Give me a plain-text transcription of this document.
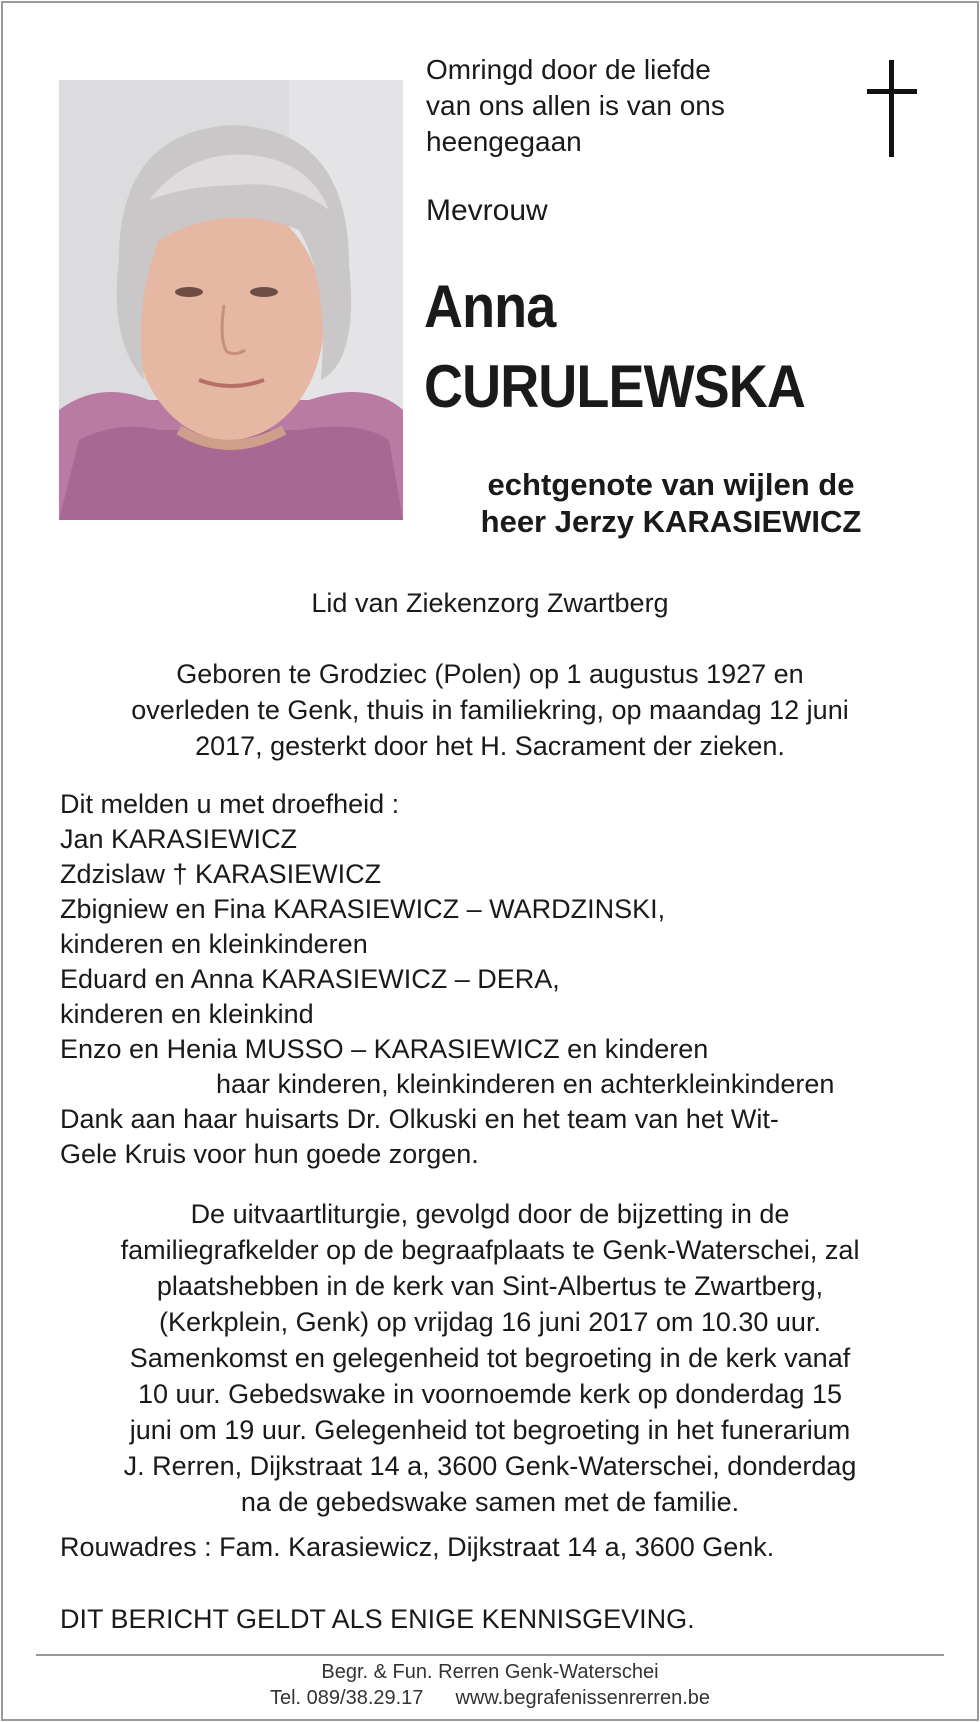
Omringd door de liefde
van ons allen is van ons
heengegaan
Mevrouw
Anna
CURULEWSKA
echtgenote van wijlen de
heer Jerzy KARASIEWICZ
Lid van Ziekenzorg Zwartberg
Geboren te Grodziec (Polen) op 1 augustus 1927 en
overleden te Genk, thuis in familiekring, op maandag 12 juni
2017, gesterkt door het H. Sacrament der zieken.
Dit melden u met droefheid :
Jan KARASIEWICZ
Zdzislaw † KARASIEWICZ
Zbigniew en Fina KARASIEWICZ – WARDZINSKI,
kinderen en kleinkinderen
Eduard en Anna KARASIEWICZ – DERA,
kinderen en kleinkind
Enzo en Henia MUSSO – KARASIEWICZ en kinderen
haar kinderen, kleinkinderen en achterkleinkinderen
Dank aan haar huisarts Dr. Olkuski en het team van het Wit-
Gele Kruis voor hun goede zorgen.
De uitvaartliturgie, gevolgd door de bijzetting in de
familiegrafkelder op de begraafplaats te Genk-Waterschei, zal
plaatshebben in de kerk van Sint-Albertus te Zwartberg,
(Kerkplein, Genk) op vrijdag 16 juni 2017 om 10.30 uur.
Samenkomst en gelegenheid tot begroeting in de kerk vanaf
10 uur. Gebedswake in voornoemde kerk op donderdag 15
juni om 19 uur. Gelegenheid tot begroeting in het funerarium
J. Rerren, Dijkstraat 14 a, 3600 Genk-Waterschei, donderdag
na de gebedswake samen met de familie.
Rouwadres : Fam. Karasiewicz, Dijkstraat 14 a, 3600 Genk.
DIT BERICHT GELDT ALS ENIGE KENNISGEVING.
Begr. & Fun. Rerren Genk-Waterschei
Tel. 089/38.29.17 www.begrafenissenrerren.be
